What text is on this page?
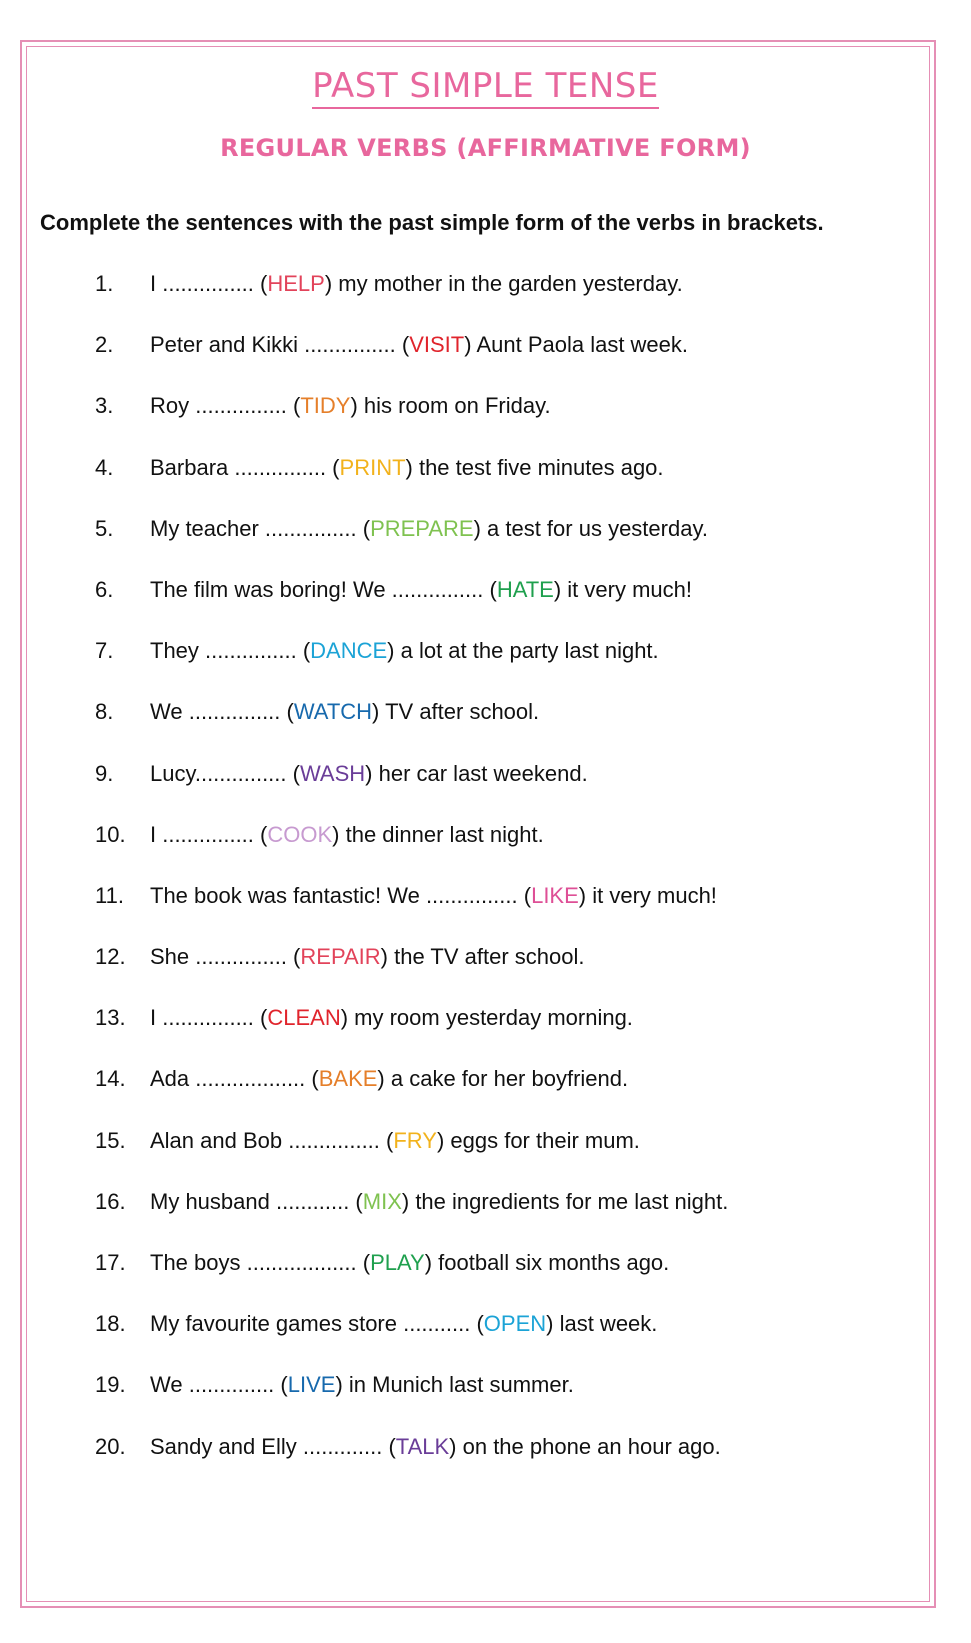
PAST SIMPLE TENSE
REGULAR VERBS (AFFIRMATIVE FORM)

Complete the sentences with the past simple form of the verbs in brackets.

1. I ............... (HELP) my mother in the garden yesterday.
2. Peter and Kikki ............... (VISIT) Aunt Paola last week.
3. Roy ............... (TIDY) his room on Friday.
4. Barbara ............... (PRINT) the test five minutes ago.
5. My teacher ............... (PREPARE) a test for us yesterday.
6. The film was boring! We ............... (HATE) it very much!
7. They ............... (DANCE) a lot at the party last night.
8. We ............... (WATCH) TV after school.
9. Lucy............... (WASH) her car last weekend.
10. I ............... (COOK) the dinner last night.
11. The book was fantastic! We ............... (LIKE) it very much!
12. She ............... (REPAIR) the TV after school.
13. I ............... (CLEAN) my room yesterday morning.
14. Ada .................. (BAKE) a cake for her boyfriend.
15. Alan and Bob ............... (FRY) eggs for their mum.
16. My husband ............ (MIX) the ingredients for me last night.
17. The boys .................. (PLAY) football six months ago.
18. My favourite games store ........... (OPEN) last week.
19. We .............. (LIVE) in Munich last summer.
20. Sandy and Elly ............. (TALK) on the phone an hour ago.
